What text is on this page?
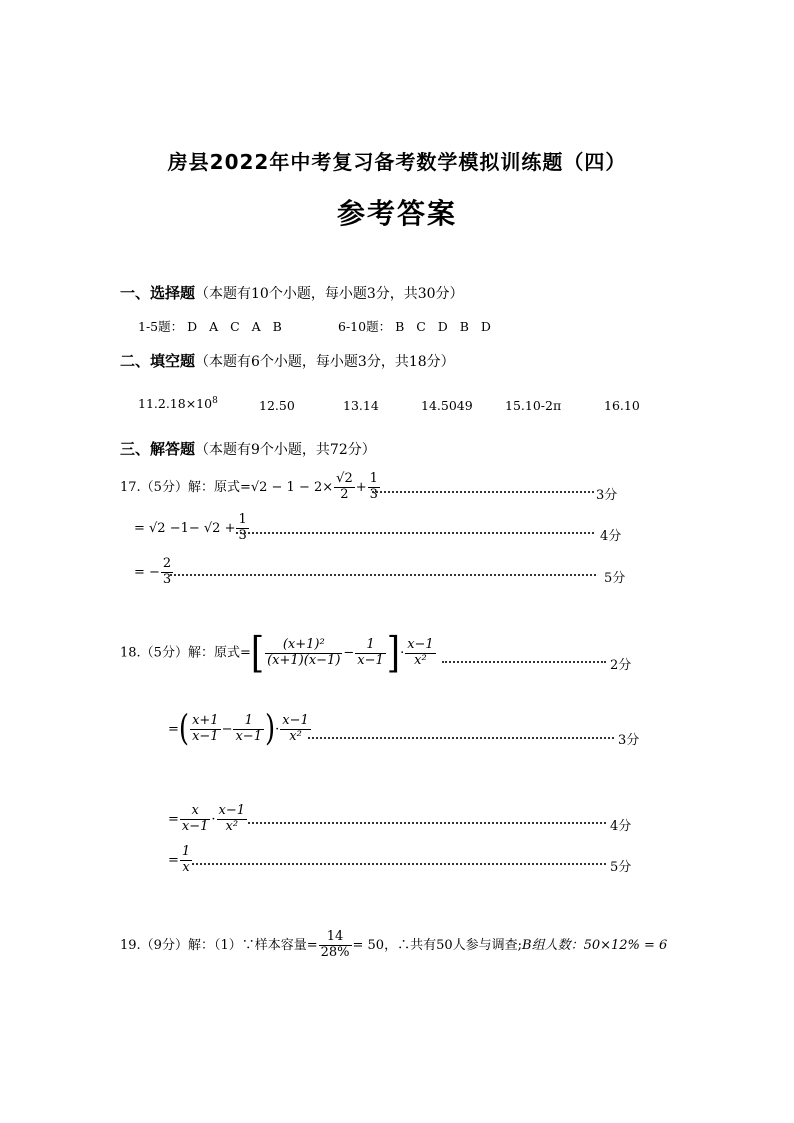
房县2022年中考复习备考数学模拟训练题（四）
参考答案
一、选择题（本题有10个小题，每小题3分，共30分）
1-5题： D A C A B	6-10题： B C D B D
二、填空题（本题有6个小题，每小题3分，共18分）
$11.2.18\times 10^8$	12.50	13.14	14.5049	15.10-2π	16.10
三、解答题（本题有9个小题，共72分）
17.（5分）解：原式$=√2 - 1 - 2\times \frac{√2}{2} + \frac{1}{3}$	3分
= $√2 -1- √2 + \frac{1}{3}$	4分
= − $\frac{2}{3}$	5分
18.（5分）解：原式=[ $\frac{\text{(x+1)²}}{(x+1)(x-1)} - \frac{1}{x-1}$ ]· $\frac{x-1}{\text{x²}}$	2分
=( $\frac{x+1}{x-1} - \frac{1}{x-1}$ )· $\frac{x-1}{\text{x²}}$	3分
= $\frac{x}{x-1} \cdot \frac{x-1}{\text{x²}}$	4分
= $\frac{1}{x}$	5分
19.（9分）解：（1）∵样本容量= $\frac{14}{28\%} = 50$，∴共有50人参与调查;B组人数：50×12% = 6
